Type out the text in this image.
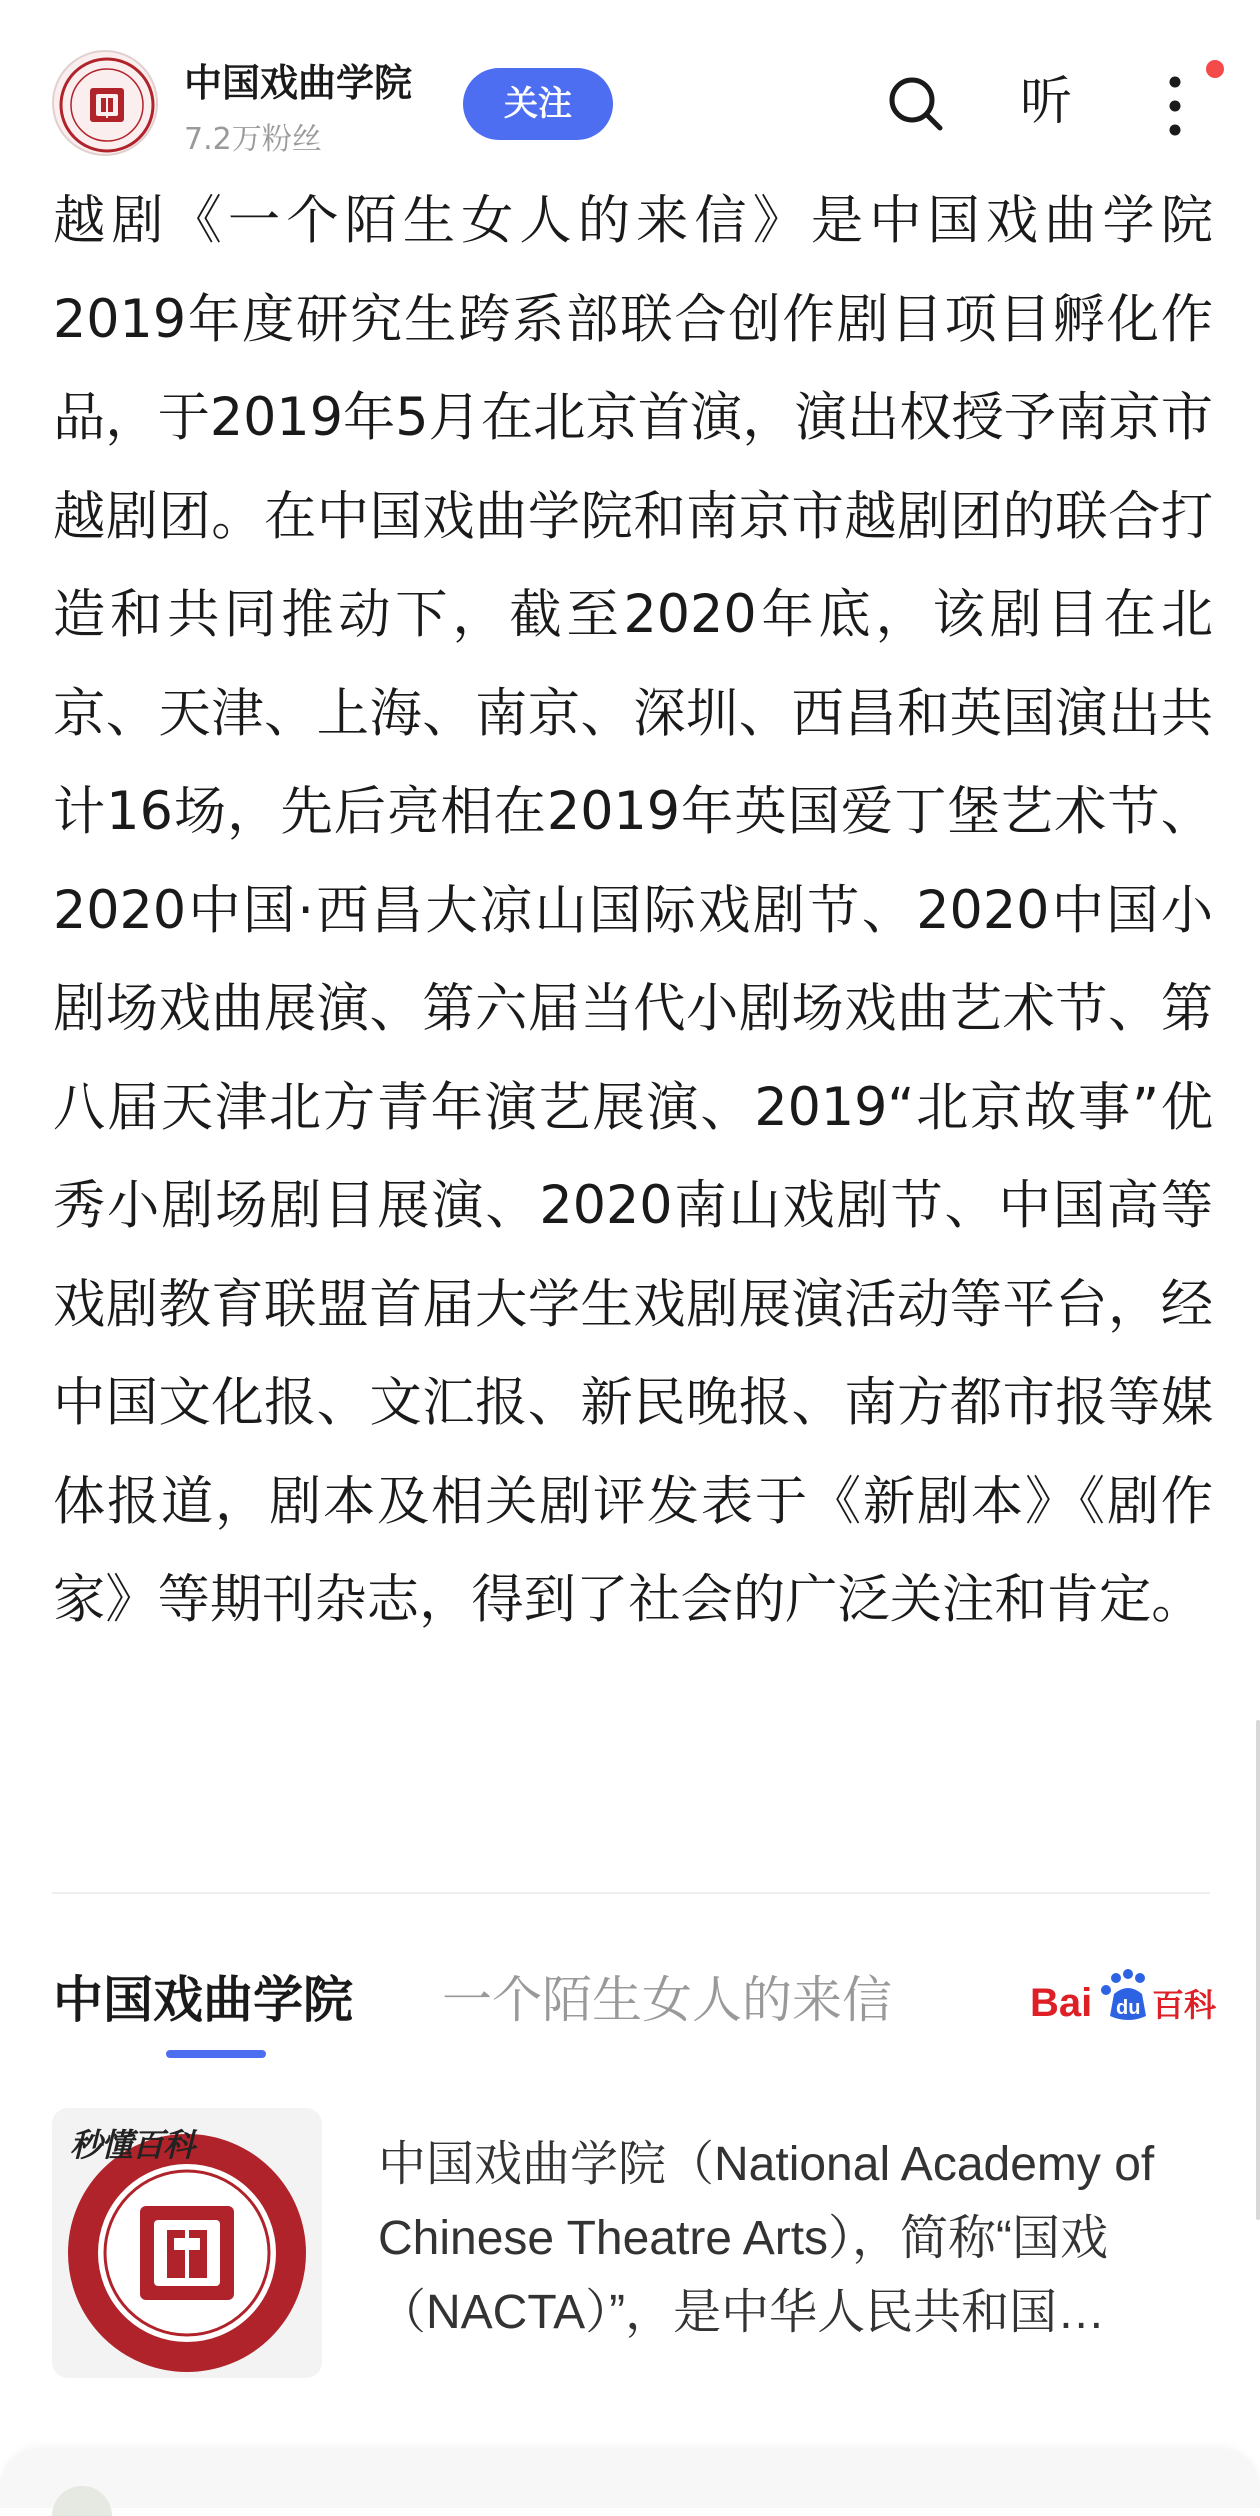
中国戏曲学院
7.2万粉丝
关注	听

越剧《一个陌生女人的来信》是中国戏曲学院2019年度研究生跨系部联合创作剧目项目孵化作品，于2019年5月在北京首演，演出权授予南京市越剧团。在中国戏曲学院和南京市越剧团的联合打造和共同推动下，截至2020年底，该剧目在北京、天津、上海、南京、深圳、西昌和英国演出共计16场，先后亮相在2019年英国爱丁堡艺术节、2020中国·西昌大凉山国际戏剧节、2020中国小剧场戏曲展演、第六届当代小剧场戏曲艺术节、第八届天津北方青年演艺展演、2019“北京故事”优秀小剧场剧目展演、2020南山戏剧节、中国高等戏剧教育联盟首届大学生戏剧展演活动等平台，经中国文化报、文汇报、新民晚报、南方都市报等媒体报道，剧本及相关剧评发表于《新剧本》《剧作家》等期刊杂志，得到了社会的广泛关注和肯定。

中国戏曲学院 一个陌生女人的来信	Bai du 百科
秒懂百科	中国戏曲学院（National Academy of Chinese Theatre Arts），简称“国戏（NACTA）”，是中华人民共和国…
